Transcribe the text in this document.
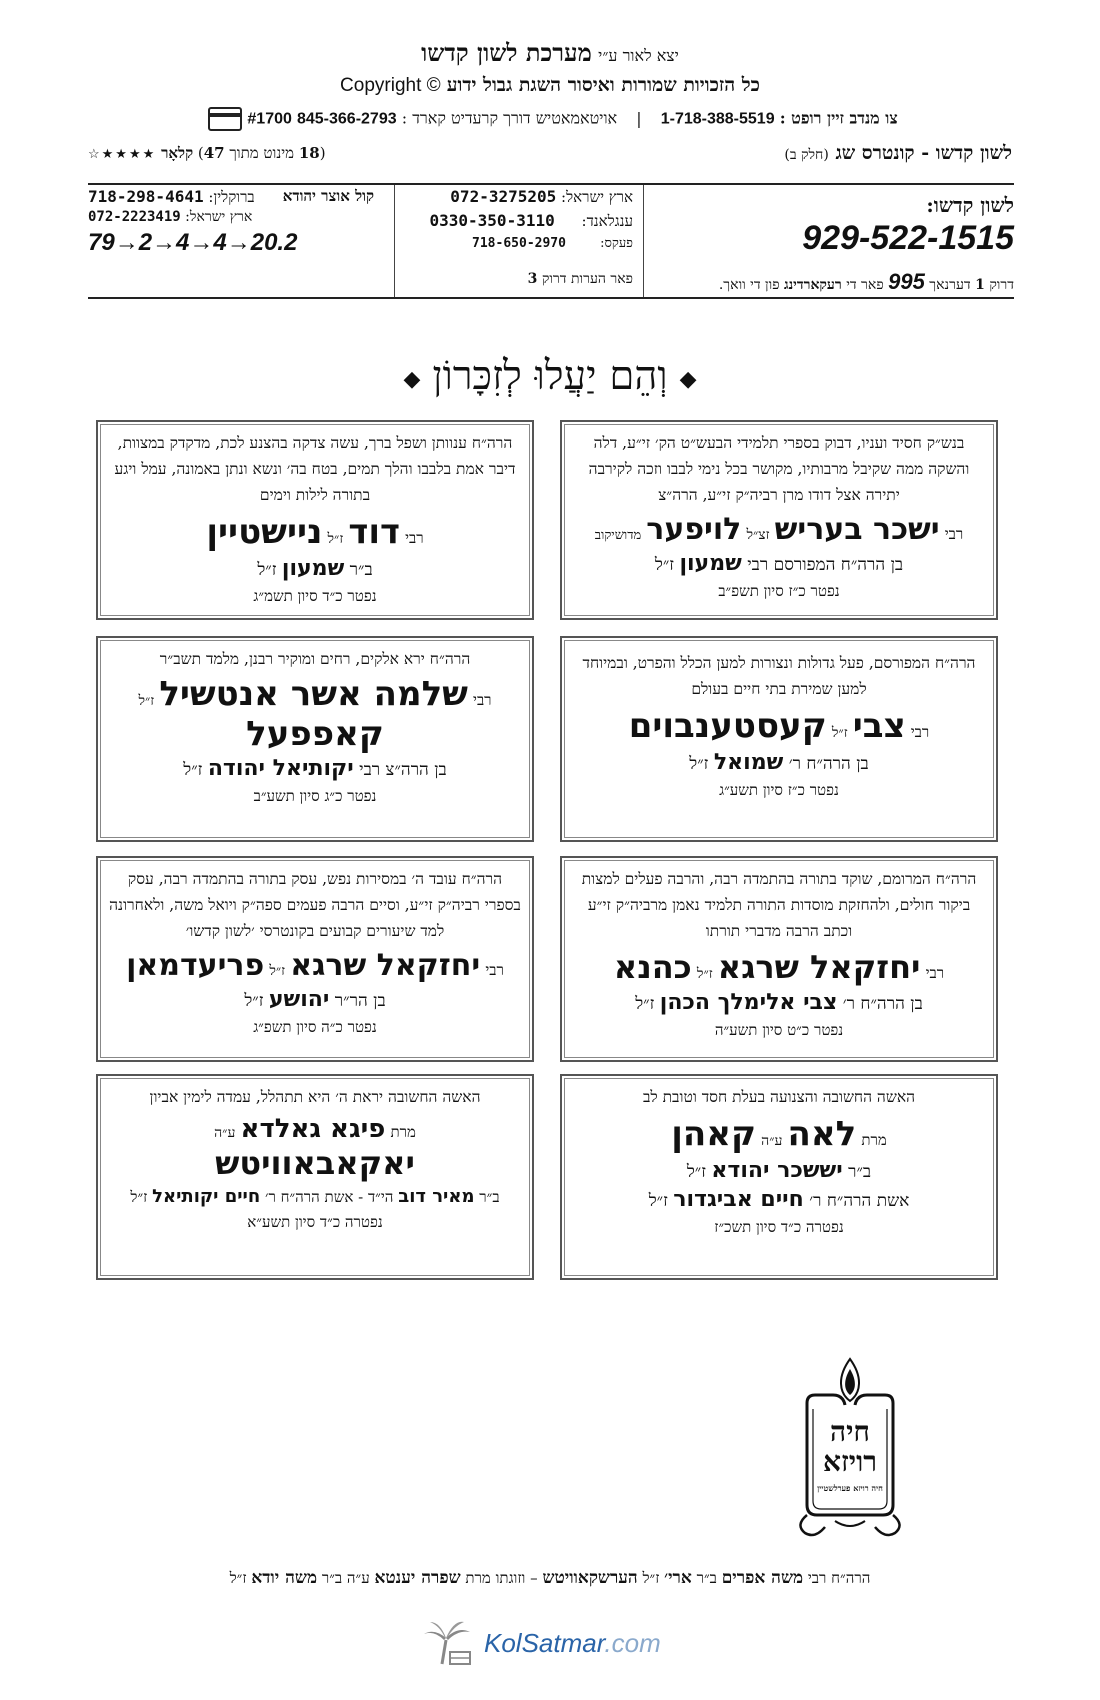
יצא לאור ע״י מערכת לשון קדשו
כל הזכויות שמורות ואיסור השגת גבול ידוע Copyright ©
צו מנדב זיין רופט : 1-718-388-5519 | אויטאמאטיש דורך קרעדיט קארד : #1700 845-366-2793
לשון קדשו - קונטרס שג (חלק ב)
(18 מינוט מתוך 47) קלאָר ★★★★☆
לשון קדשו:
929-522-1515
דרוק 1 דערנאך 995 פאר די רעקארדינג פון די וואך.
ארץ ישראל: 072-3275205
ענגלאנד: 0330-350-3110
פעקס: 718-650-2970
פאר הערות דרוק 3
קול אוצר יהודא
ברוקלין: 718-298-4641
ארץ ישראל: 072-2223419
79→2→4→4→20.2
◆וְהֵם יַעֲלוּ לְזִכָּרוֹן◆
בנש״ק חסיד ועניו, דבוק בספרי תלמידי הבעש״ט הק׳ זי״ע, דלה והשקה ממה שקיבל מרבותיו, מקושר בכל נימי לבבו וזכה לקירבה יתירה אצל דודו מרן רביה״ק זי״ע, הרה״צ
רבי ישכר בעריש זצ״ל לויפער מדושיקוב
בן הרה״ח המפורסם רבי שמעון ז״ל
נפטר כ״ז סיון תשפ״ב
הרה״ח ענוותן ושפל ברך, עשה צדקה בהצנע לכת, מדקדק במצוות, דיבר אמת בלבבו והלך תמים, בטח בה׳ ונשא ונתן באמונה, עמל ויגע בתורה לילות וימים
רבי דוד ז״ל ניישטיין
ב״ר שמעון ז״ל
נפטר כ״ד סיון תשמ״ג
הרה״ח המפורסם, פעל גדולות ונצורות למען הכלל והפרט, ובמיוחד למען שמירת בתי חיים בעולם
רבי צבי ז״ל קעסטענבוים
בן הרה״ח ר׳ שמואל ז״ל
נפטר כ״ז סיון תשע״ג
הרה״ח ירא אלקים, רחים ומוקיר רבנן, מלמד תשב״ר
רבי שלמה אשר אנטשיל ז״ל
קאפפעל
בן הרה״צ רבי יקותיאל יהודה ז״ל
נפטר כ״ג סיון תשע״ב
הרה״ח המרומם, שוקד בתורה בהתמדה רבה, והרבה פעלים למצות ביקור חולים, ולהחזקת מוסדות התורה תלמיד נאמן מרביה״ק זי״ע וכתב הרבה מדברי תורתו
רבי יחזקאל שרגא ז״ל כהנא
בן הרה״ח ר׳ צבי אלימלך הכהן ז״ל
נפטר כ״ט סיון תשע״ה
הרה״ח עובד ה׳ במסירות נפש, עסק בתורה בהתמדה רבה, עסק בספרי רביה״ק זי״ע, וסיים הרבה פעמים ספה״ק ויואל משה, ולאחרונה למד שיעורים קבועים בקונטרסי ׳לשון קדשו׳
רבי יחזקאל שרגא ז״ל פריעדמאן
בן הר״ר יהושע ז״ל
נפטר כ״ה סיון תשפ״ג
האשה החשובה והצנועה בעלת חסד וטובת לב
מרת לאה ע״ה קאהן
ב״ר יששכר יהודא ז״ל
אשת הרה״ח ר׳ חיים אביגדור ז״ל
נפטרה כ״ד סיון תשכ״ז
האשה החשובה יראת ה׳ היא תתהלל, עמדה לימין אביון
מרת פיגא גאלדא ע״ה
יאקאבאוויטש
ב״ר מאיר דוב הי״ד - אשת הרה״ח ר׳ חיים יקותיאל ז״ל
נפטרה כ״ד סיון תשע״א
חיה
רויזא
חיה רויזא פערלשטיין
הרה״ח רבי משה אפרים ב״ר ארי׳ ז״ל הערשקאוויטש – וזוגתו מרת שפרה יענטא ע״ה ב״ר משה יודא ז״ל
KolSatmar.com
